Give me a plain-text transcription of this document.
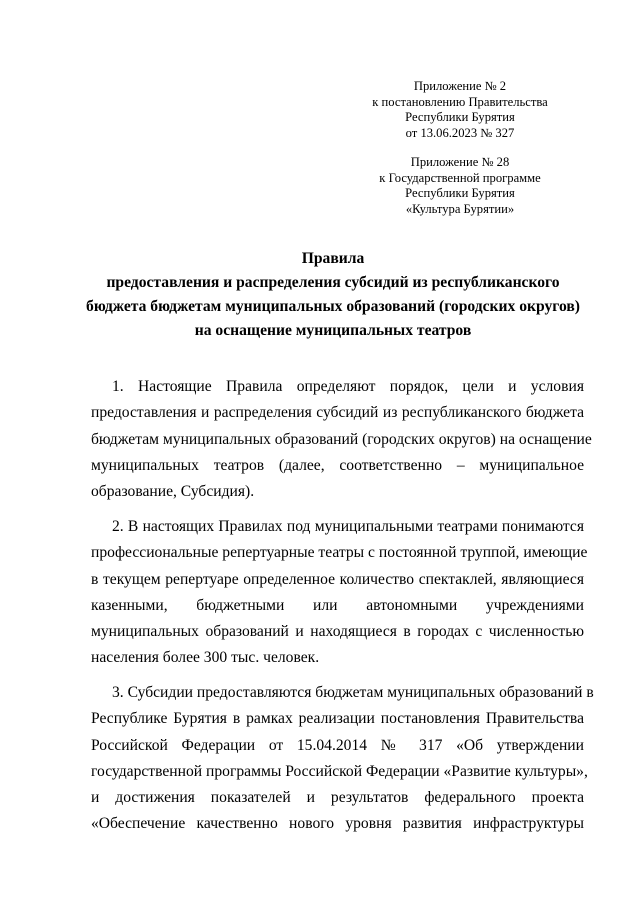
Приложение № 2
к постановлению Правительства
Республики Бурятия
от 13.06.2023 № 327
Приложение № 28
к Государственной программе
Республики Бурятия
«Культура Бурятии»
Правила
предоставления и распределения субсидий из республиканского
бюджета бюджетам муниципальных образований (городских округов)
на оснащение муниципальных театров
1. Настоящие Правила определяют порядок, цели и условия
предоставления и распределения субсидий из республиканского бюджета
бюджетам муниципальных образований (городских округов) на оснащение
муниципальных театров (далее, соответственно – муниципальное
образование, Субсидия).
2. В настоящих Правилах под муниципальными театрами понимаются
профессиональные репертуарные театры с постоянной труппой, имеющие
в текущем репертуаре определенное количество спектаклей, являющиеся
казенными, бюджетными или автономными учреждениями
муниципальных образований и находящиеся в городах с численностью
населения более 300 тыс. человек.
3. Субсидии предоставляются бюджетам муниципальных образований в
Республике Бурятия в рамках реализации постановления Правительства
Российской Федерации от 15.04.2014 № 317 «Об утверждении
государственной программы Российской Федерации «Развитие культуры»,
и достижения показателей и результатов федерального проекта
«Обеспечение качественно нового уровня развития инфраструктуры
